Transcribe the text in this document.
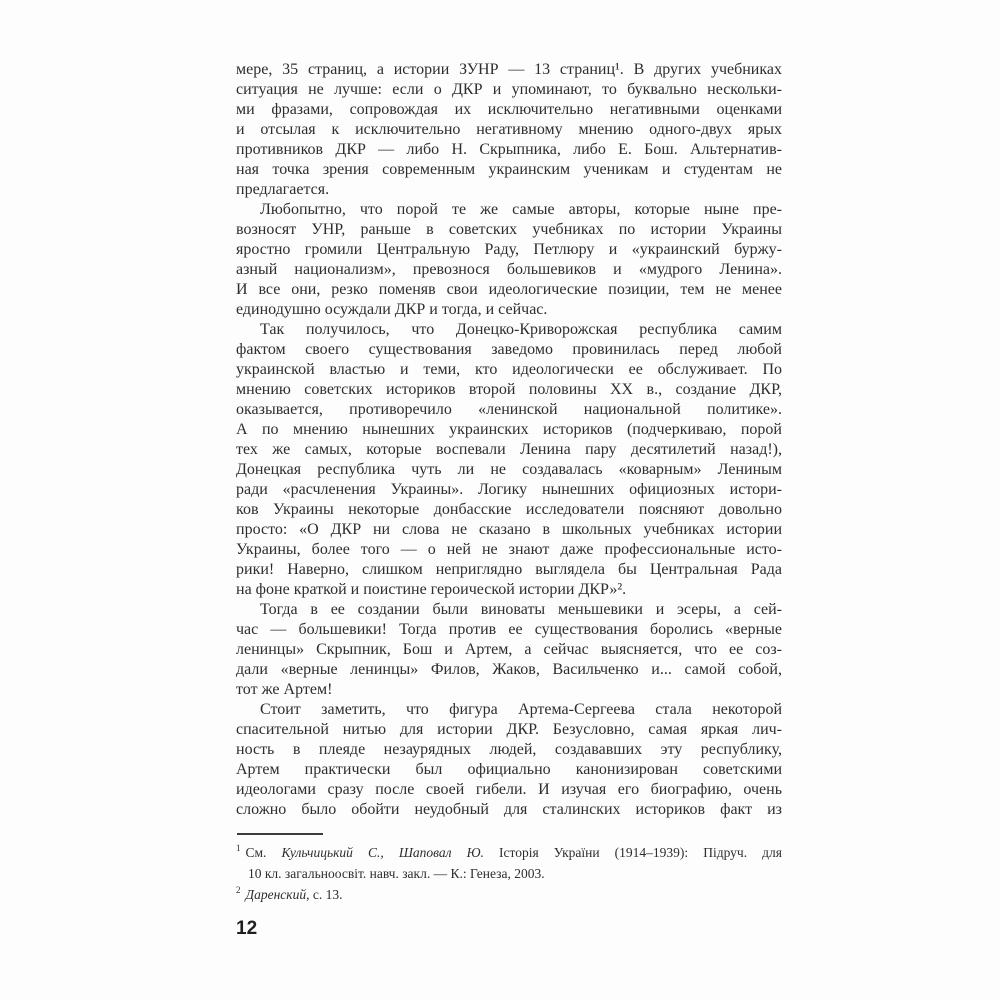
мере, 35 страниц, а истории ЗУНР — 13 страниц¹. В других учебниках
ситуация не лучше: если о ДКР и упоминают, то буквально нескольки-
ми фразами, сопровождая их исключительно негативными оценками
и отсылая к исключительно негативному мнению одного-двух ярых
противников ДКР — либо Н. Скрыпника, либо Е. Бош. Альтернатив-
ная точка зрения современным украинским ученикам и студентам не
предлагается.
Любопытно, что порой те же самые авторы, которые ныне пре-
возносят УНР, раньше в советских учебниках по истории Украины
яростно громили Центральную Раду, Петлюру и «украинский буржу-
азный национализм», превознося большевиков и «мудрого Ленина».
И все они, резко поменяв свои идеологические позиции, тем не менее
единодушно осуждали ДКР и тогда, и сейчас.
Так получилось, что Донецко-Криворожская республика самим
фактом своего существования заведомо провинилась перед любой
украинской властью и теми, кто идеологически ее обслуживает. По
мнению советских историков второй половины XX в., создание ДКР,
оказывается, противоречило «ленинской национальной политике».
А по мнению нынешних украинских историков (подчеркиваю, порой
тех же самых, которые воспевали Ленина пару десятилетий назад!),
Донецкая республика чуть ли не создавалась «коварным» Лениным
ради «расчленения Украины». Логику нынешних официозных истори-
ков Украины некоторые донбасские исследователи поясняют довольно
просто: «О ДКР ни слова не сказано в школьных учебниках истории
Украины, более того — о ней не знают даже профессиональные исто-
рики! Наверно, слишком неприглядно выглядела бы Центральная Рада
на фоне краткой и поистине героической истории ДКР»².
Тогда в ее создании были виноваты меньшевики и эсеры, а сей-
час — большевики! Тогда против ее существования боролись «верные
ленинцы» Скрыпник, Бош и Артем, а сейчас выясняется, что ее соз-
дали «верные ленинцы» Филов, Жаков, Васильченко и... самой собой,
тот же Артем!
Стоит заметить, что фигура Артема-Сергеева стала некоторой
спасительной нитью для истории ДКР. Безусловно, самая яркая лич-
ность в плеяде незаурядных людей, создававших эту республику,
Артем практически был официально канонизирован советскими
идеологами сразу после своей гибели. И изучая его биографию, очень
сложно было обойти неудобный для сталинских историков факт из
$^1$ См. Кульчицький С., Шаповал Ю. Історія України (1914–1939): Підруч. для
10 кл. загальноосвіт. навч. закл. — К.: Генеза, 2003.
$^2$ Даренский, с. 13.
12
